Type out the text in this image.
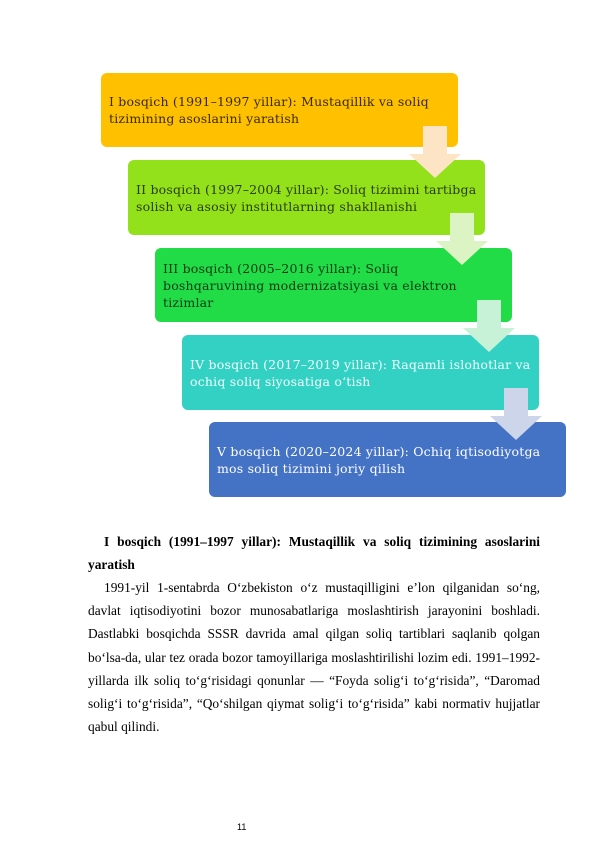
I bosqich (1991–1997 yillar): Mustaqillik va soliq tizimining asoslarini yaratish
II bosqich (1997–2004 yillar): Soliq tizimini tartibga solish va asosiy institutlarning shakllanishi
III bosqich (2005–2016 yillar): Soliq boshqaruvining modernizatsiyasi va elektron tizimlar
IV bosqich (2017–2019 yillar): Raqamli islohotlar va ochiq soliq siyosatiga o‘tish
V bosqich (2020–2024 yillar): Ochiq iqtisodiyotga mos soliq tizimini joriy qilish
I bosqich (1991–1997 yillar): Mustaqillik va soliq tizimining asoslarini yaratish
1991-yil 1-sentabrda O‘zbekiston o‘z mustaqilligini e’lon qilganidan so‘ng, davlat iqtisodiyotini bozor munosabatlariga moslashtirish jarayonini boshladi. Dastlabki bosqichda SSSR davrida amal qilgan soliq tartiblari saqlanib qolgan bo‘lsa-da, ular tez orada bozor tamoyillariga moslashtirilishi lozim edi. 1991–1992-yillarda ilk soliq to‘g‘risidagi qonunlar — “Foyda solig‘i to‘g‘risida”, “Daromad solig‘i to‘g‘risida”, “Qo‘shilgan qiymat solig‘i to‘g‘risida” kabi normativ hujjatlar qabul qilindi.
11
